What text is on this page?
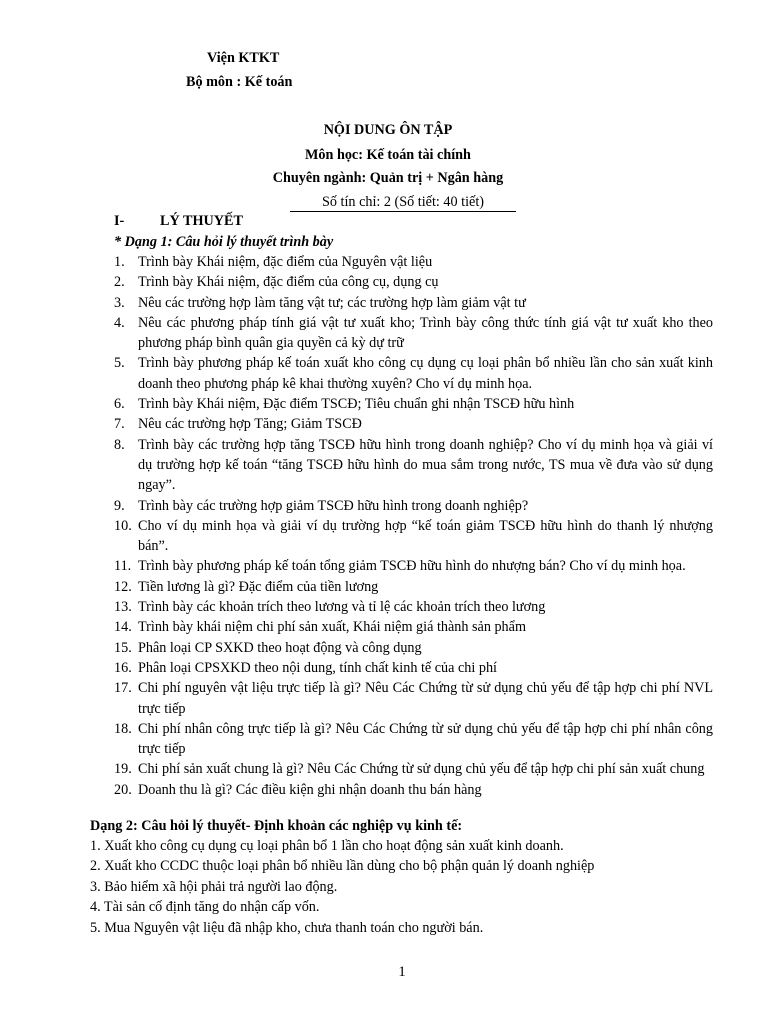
Viện KTKT
Bộ môn : Kế toán
NỘI DUNG ÔN TẬP
Môn học: Kế toán tài chính
Chuyên ngành: Quản trị + Ngân hàng
Số tín chỉ: 2 (Số tiết: 40 tiết)
I-	LÝ THUYẾT
* Dạng 1: Câu hỏi lý thuyết trình bày
1. Trình bày Khái niệm, đặc điểm của Nguyên vật liệu
2. Trình bày Khái niệm, đặc điểm của công cụ, dụng cụ
3. Nêu các trường hợp làm tăng vật tư; các trường hợp làm giảm vật tư
4. Nêu các phương pháp tính giá vật tư xuất kho; Trình bày công thức tính giá vật tư xuất kho theo phương pháp bình quân gia quyền cả kỳ dự trữ
5. Trình bày phương pháp kế toán xuất kho công cụ dụng cụ loại phân bổ nhiều lần cho sản xuất kinh doanh theo phương pháp kê khai thường xuyên? Cho ví dụ minh họa.
6. Trình bày Khái niệm, Đặc điểm TSCĐ; Tiêu chuẩn ghi nhận TSCĐ hữu hình
7. Nêu các trường hợp Tăng; Giảm TSCĐ
8. Trình bày các trường hợp tăng TSCĐ hữu hình trong doanh nghiệp? Cho ví dụ minh họa và giải ví dụ trường hợp kế toán “tăng TSCĐ hữu hình do mua sắm trong nước, TS mua về đưa vào sử dụng ngay”.
9. Trình bày các trường hợp giảm TSCĐ hữu hình trong doanh nghiệp?
10. Cho ví dụ minh họa và giải ví dụ trường hợp “kế toán giảm TSCĐ hữu hình do thanh lý nhượng bán”.
11. Trình bày phương pháp kế toán tổng giảm TSCĐ hữu hình do nhượng bán? Cho ví dụ minh họa.
12. Tiền lương là gì? Đặc điểm của tiền lương
13. Trình bày các khoản trích theo lương và tỉ lệ các khoản trích theo lương
14. Trình bày khái niệm chi phí sản xuất, Khái niệm giá thành sản phẩm
15. Phân loại CP SXKD theo hoạt động và công dụng
16. Phân loại CPSXKD theo nội dung, tính chất kinh tế của chi phí
17. Chi phí nguyên vật liệu trực tiếp là gì? Nêu Các Chứng từ sử dụng chủ yếu để tập hợp chi phí NVL trực tiếp
18. Chi phí nhân công trực tiếp là gì? Nêu Các Chứng từ sử dụng chủ yếu để tập hợp chi phí nhân công trực tiếp
19. Chi phí sản xuất chung là gì? Nêu Các Chứng từ sử dụng chủ yếu để tập hợp chi phí sản xuất chung
20. Doanh thu là gì? Các điều kiện ghi nhận doanh thu bán hàng
Dạng 2: Câu hỏi lý thuyết- Định khoản các nghiệp vụ kinh tế:
1. Xuất kho công cụ dụng cụ loại phân bổ 1 lần cho hoạt động sản xuất kinh doanh.
2. Xuất kho CCDC thuộc loại phân bổ nhiều lần dùng cho bộ phận quản lý doanh nghiệp
3. Bảo hiểm xã hội phải trả người lao động.
4. Tài sản cố định tăng do nhận cấp vốn.
5. Mua Nguyên vật liệu đã nhập kho, chưa thanh toán cho người bán.
1
